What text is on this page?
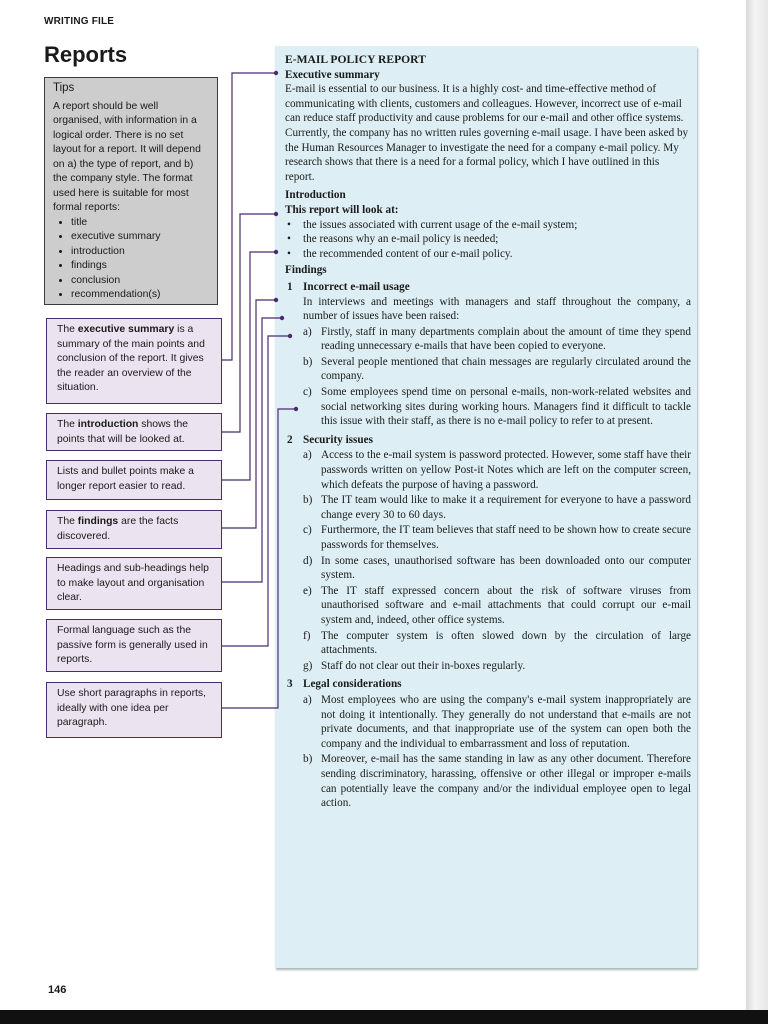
WRITING FILE
Reports
Tips
A report should be well organised, with information in a logical order. There is no set layout for a report. It will depend on a) the type of report, and b) the company style. The format used here is suitable for most formal reports:
• title
• executive summary
• introduction
• findings
• conclusion
• recommendation(s)
The executive summary is a summary of the main points and conclusion of the report. It gives the reader an overview of the situation.
The introduction shows the points that will be looked at.
Lists and bullet points make a longer report easier to read.
The findings are the facts discovered.
Headings and sub-headings help to make layout and organisation clear.
Formal language such as the passive form is generally used in reports.
Use short paragraphs in reports, ideally with one idea per paragraph.
E-MAIL POLICY REPORT
Executive summary

E-mail is essential to our business. It is a highly cost- and time-effective method of communicating with clients, customers and colleagues. However, incorrect use of e-mail can reduce staff productivity and cause problems for our e-mail and other office systems.

Currently, the company has no written rules governing e-mail usage. I have been asked by the Human Resources Manager to investigate the need for a company e-mail policy. My research shows that there is a need for a formal policy, which I have outlined in this report.

Introduction
This report will look at:

• the issues associated with current usage of the e-mail system;

• the reasons why an e-mail policy is needed;

• the recommended content of our e-mail policy.

Findings
1 Incorrect e-mail usage
In interviews and meetings with managers and staff throughout the company, a number of issues have been raised:
a) Firstly, staff in many departments complain about the amount of time they spend reading unnecessary e-mails that have been copied to everyone.
b) Several people mentioned that chain messages are regularly circulated around the company.
c) Some employees spend time on personal e-mails, non-work-related websites and social networking sites during working hours. Managers find it difficult to tackle this issue with their staff, as there is no e-mail policy to refer to at present.
2 Security issues
a) Access to the e-mail system is password protected. However, some staff have their passwords written on yellow Post-it Notes which are left on the computer screen, which defeats the purpose of having a password.
b) The IT team would like to make it a requirement for everyone to have a password change every 30 to 60 days.
c) Furthermore, the IT team believes that staff need to be shown how to create secure passwords for themselves.
d) In some cases, unauthorised software has been downloaded onto our computer system.
e) The IT staff expressed concern about the risk of software viruses from unauthorised software and e-mail attachments that could corrupt our e-mail system and, indeed, other office systems.
f) The computer system is often slowed down by the circulation of large attachments.
g) Staff do not clear out their in-boxes regularly.
3 Legal considerations
a) Most employees who are using the company's e-mail system inappropriately are not doing it intentionally. They generally do not understand that e-mails are not private documents, and that inappropriate use of the system can open both the company and the individual to embarrassment and loss of reputation.
b) Moreover, e-mail has the same standing in law as any other document. Therefore sending discriminatory, harassing, offensive or other illegal or improper e-mails can potentially leave the company and/or the individual employee open to legal action.
146
